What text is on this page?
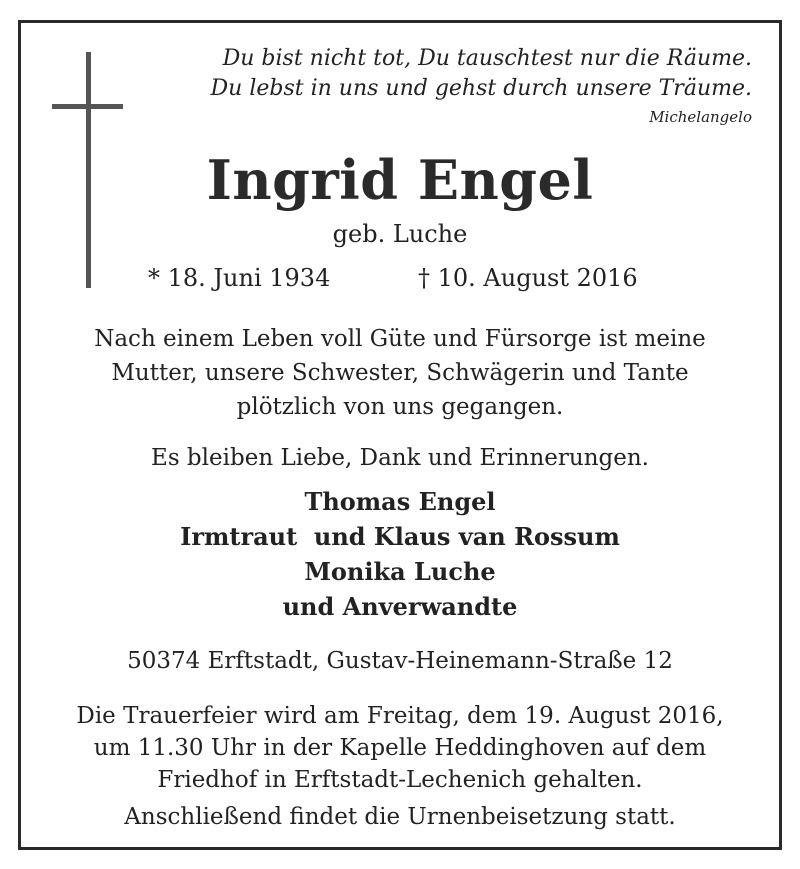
Du bist nicht tot, Du tauschtest nur die Räume.
Du lebst in uns und gehst durch unsere Träume.
Michelangelo
Ingrid Engel
geb. Luche
* 18. Juni 1934	† 10. August 2016
Nach einem Leben voll Güte und Fürsorge ist meine
Mutter, unsere Schwester, Schwägerin und Tante
plötzlich von uns gegangen.
Es bleiben Liebe, Dank und Erinnerungen.
Thomas Engel
Irmtraut  und Klaus van Rossum
Monika Luche
und Anverwandte
50374 Erftstadt, Gustav-Heinemann-Straße 12
Die Trauerfeier wird am Freitag, dem 19. August 2016,
um 11.30 Uhr in der Kapelle Heddinghoven auf dem
Friedhof in Erftstadt-Lechenich gehalten.
Anschließend findet die Urnenbeisetzung statt.
